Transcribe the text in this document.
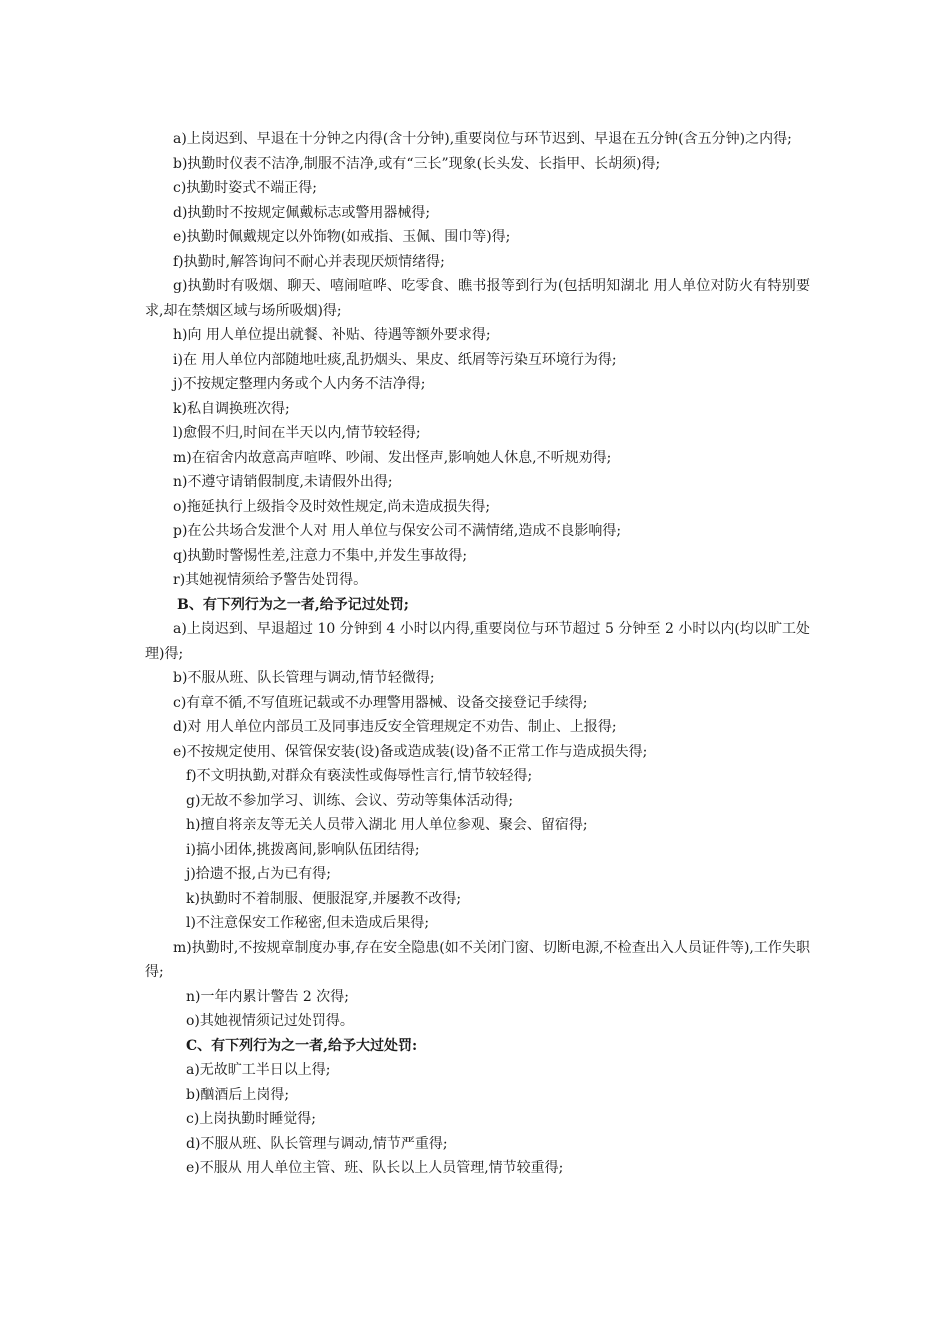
a)上岗迟到、早退在十分钟之内得(含十分钟),重要岗位与环节迟到、早退在五分钟(含五分钟)之内得;

b)执勤时仪表不洁净,制服不洁净,或有“三长”现象(长头发、长指甲、长胡须)得;

c)执勤时姿式不端正得;

d)执勤时不按规定佩戴标志或警用器械得;

e)执勤时佩戴规定以外饰物(如戒指、玉佩、围巾等)得;

f)执勤时,解答询问不耐心并表现厌烦情绪得;

g)执勤时有吸烟、聊天、嘻闹喧哗、吃零食、瞧书报等到行为(包括明知湖北 用人单位对防火有特别要求,却在禁烟区域与场所吸烟)得;

h)向 用人单位提出就餐、补贴、待遇等额外要求得;

i)在 用人单位内部随地吐痰,乱扔烟头、果皮、纸屑等污染互环境行为得;

j)不按规定整理内务或个人内务不洁净得;

k)私自调换班次得;

l)愈假不归,时间在半天以内,情节较轻得;

m)在宿舍内故意高声喧哗、吵闹、发出怪声,影响她人休息,不听规劝得;

n)不遵守请销假制度,未请假外出得;

o)拖延执行上级指令及时效性规定,尚未造成损失得;

p)在公共场合发泄个人对 用人单位与保安公司不满情绪,造成不良影响得;

q)执勤时警惕性差,注意力不集中,并发生事故得;

r)其她视情须给予警告处罚得。

B、有下列行为之一者,给予记过处罚;

a)上岗迟到、早退超过 10 分钟到 4 小时以内得,重要岗位与环节超过 5 分钟至 2 小时以内(均以旷工处理)得;

b)不服从班、队长管理与调动,情节轻微得;

c)有章不循,不写值班记载或不办理警用器械、设备交接登记手续得;

d)对 用人单位内部员工及同事违反安全管理规定不劝告、制止、上报得;

e)不按规定使用、保管保安装(设)备或造成装(设)备不正常工作与造成损失得;

f)不文明执勤,对群众有亵渎性或侮辱性言行,情节较轻得;

g)无故不参加学习、训练、会议、劳动等集体活动得;

h)擅自将亲友等无关人员带入湖北 用人单位参观、聚会、留宿得;

i)搞小团体,挑拨离间,影响队伍团结得;

j)拾遗不报,占为已有得;

k)执勤时不着制服、便服混穿,并屡教不改得;

l)不注意保安工作秘密,但未造成后果得;

m)执勤时,不按规章制度办事,存在安全隐患(如不关闭门窗、切断电源,不检查出入人员证件等),工作失职得;

n)一年内累计警告 2 次得;

o)其她视情须记过处罚得。

C、有下列行为之一者,给予大过处罚:

a)无故旷工半日以上得;

b)酗酒后上岗得;

c)上岗执勤时睡觉得;

d)不服从班、队长管理与调动,情节严重得;

e)不服从 用人单位主管、班、队长以上人员管理,情节较重得;
